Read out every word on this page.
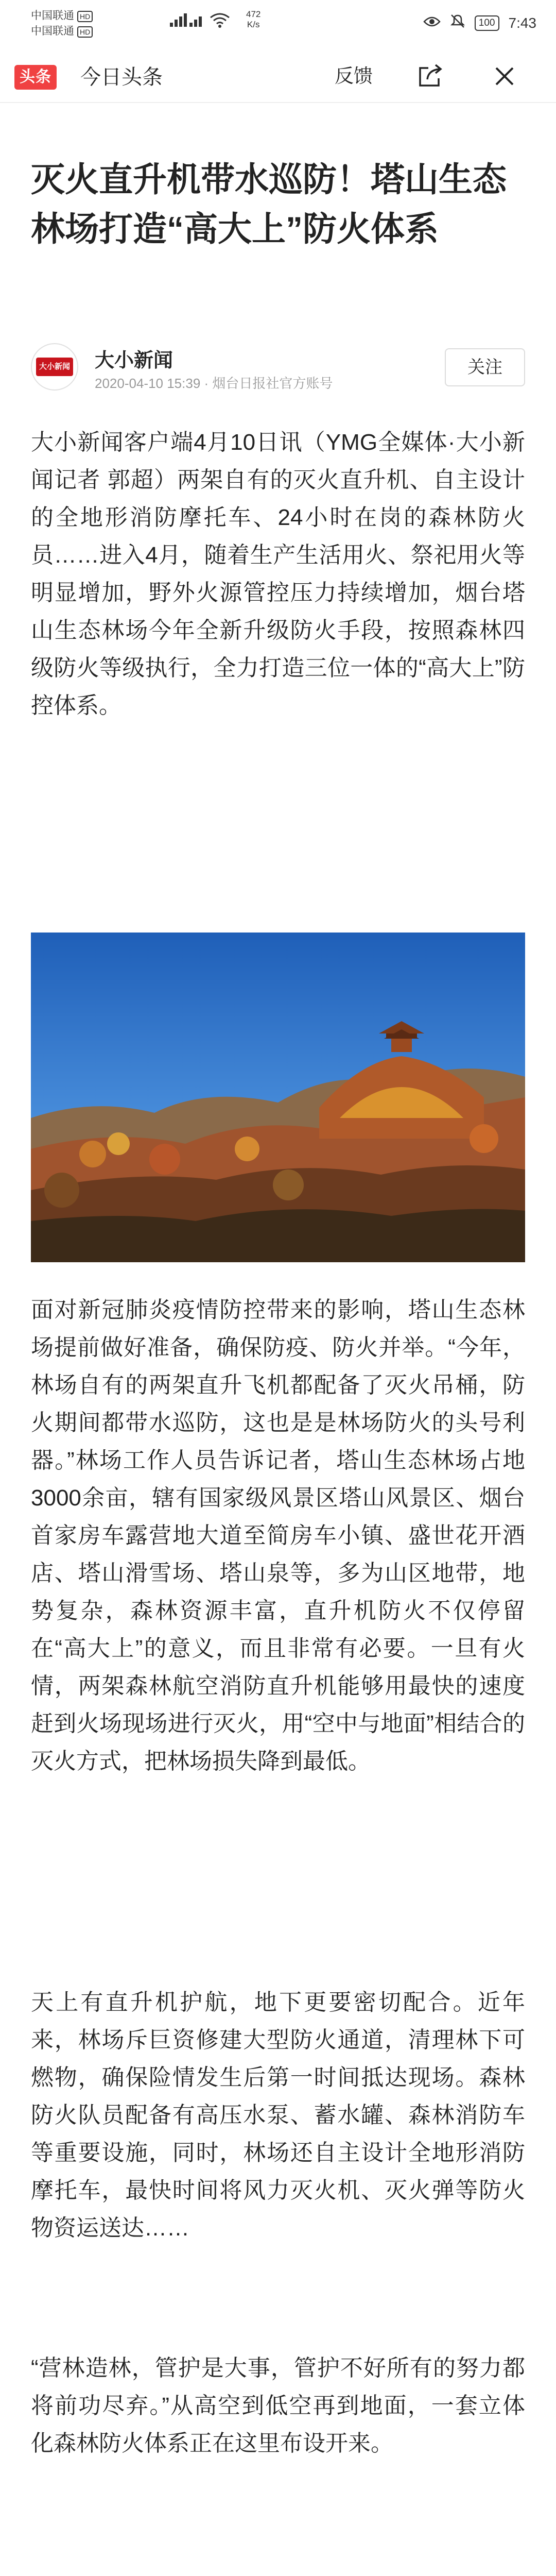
中国联通 HD
中国联通 HD

472
K/s	100 7:43
头条 今日头条	反馈
灭火直升机带水巡防！塔山生态林场打造“高大上”防火体系
大小新闻 大小新闻
2020-04-10 15:39 · 烟台日报社官方账号
关注
大小新闻客户端4月10日讯（YMG全媒体·大小新闻记者 郭超）两架自有的灭火直升机、自主设计的全地形消防摩托车、24小时在岗的森林防火员……进入4月，随着生产生活用火、祭祀用火等明显增加，野外火源管控压力持续增加，烟台塔山生态林场今年全新升级防火手段，按照森林四级防火等级执行，全力打造三位一体的“高大上”防控体系。
面对新冠肺炎疫情防控带来的影响，塔山生态林场提前做好准备，确保防疫、防火并举。“今年，林场自有的两架直升飞机都配备了灭火吊桶，防火期间都带水巡防，这也是是林场防火的头号利器。”林场工作人员告诉记者，塔山生态林场占地3000余亩，辖有国家级风景区塔山风景区、烟台首家房车露营地大道至简房车小镇、盛世花开酒店、塔山滑雪场、塔山泉等，多为山区地带，地势复杂，森林资源丰富，直升机防火不仅停留在“高大上”的意义，而且非常有必要。一旦有火情，两架森林航空消防直升机能够用最快的速度赶到火场现场进行灭火，用“空中与地面”相结合的灭火方式，把林场损失降到最低。
天上有直升机护航，地下更要密切配合。近年来，林场斥巨资修建大型防火通道，清理林下可燃物，确保险情发生后第一时间抵达现场。森林防火队员配备有高压水泵、蓄水罐、森林消防车等重要设施，同时，林场还自主设计全地形消防摩托车，最快时间将风力灭火机、灭火弹等防火物资运送达……
“营林造林，管护是大事，管护不好所有的努力都将前功尽弃。”从高空到低空再到地面，一套立体化森林防火体系正在这里布设开来。
